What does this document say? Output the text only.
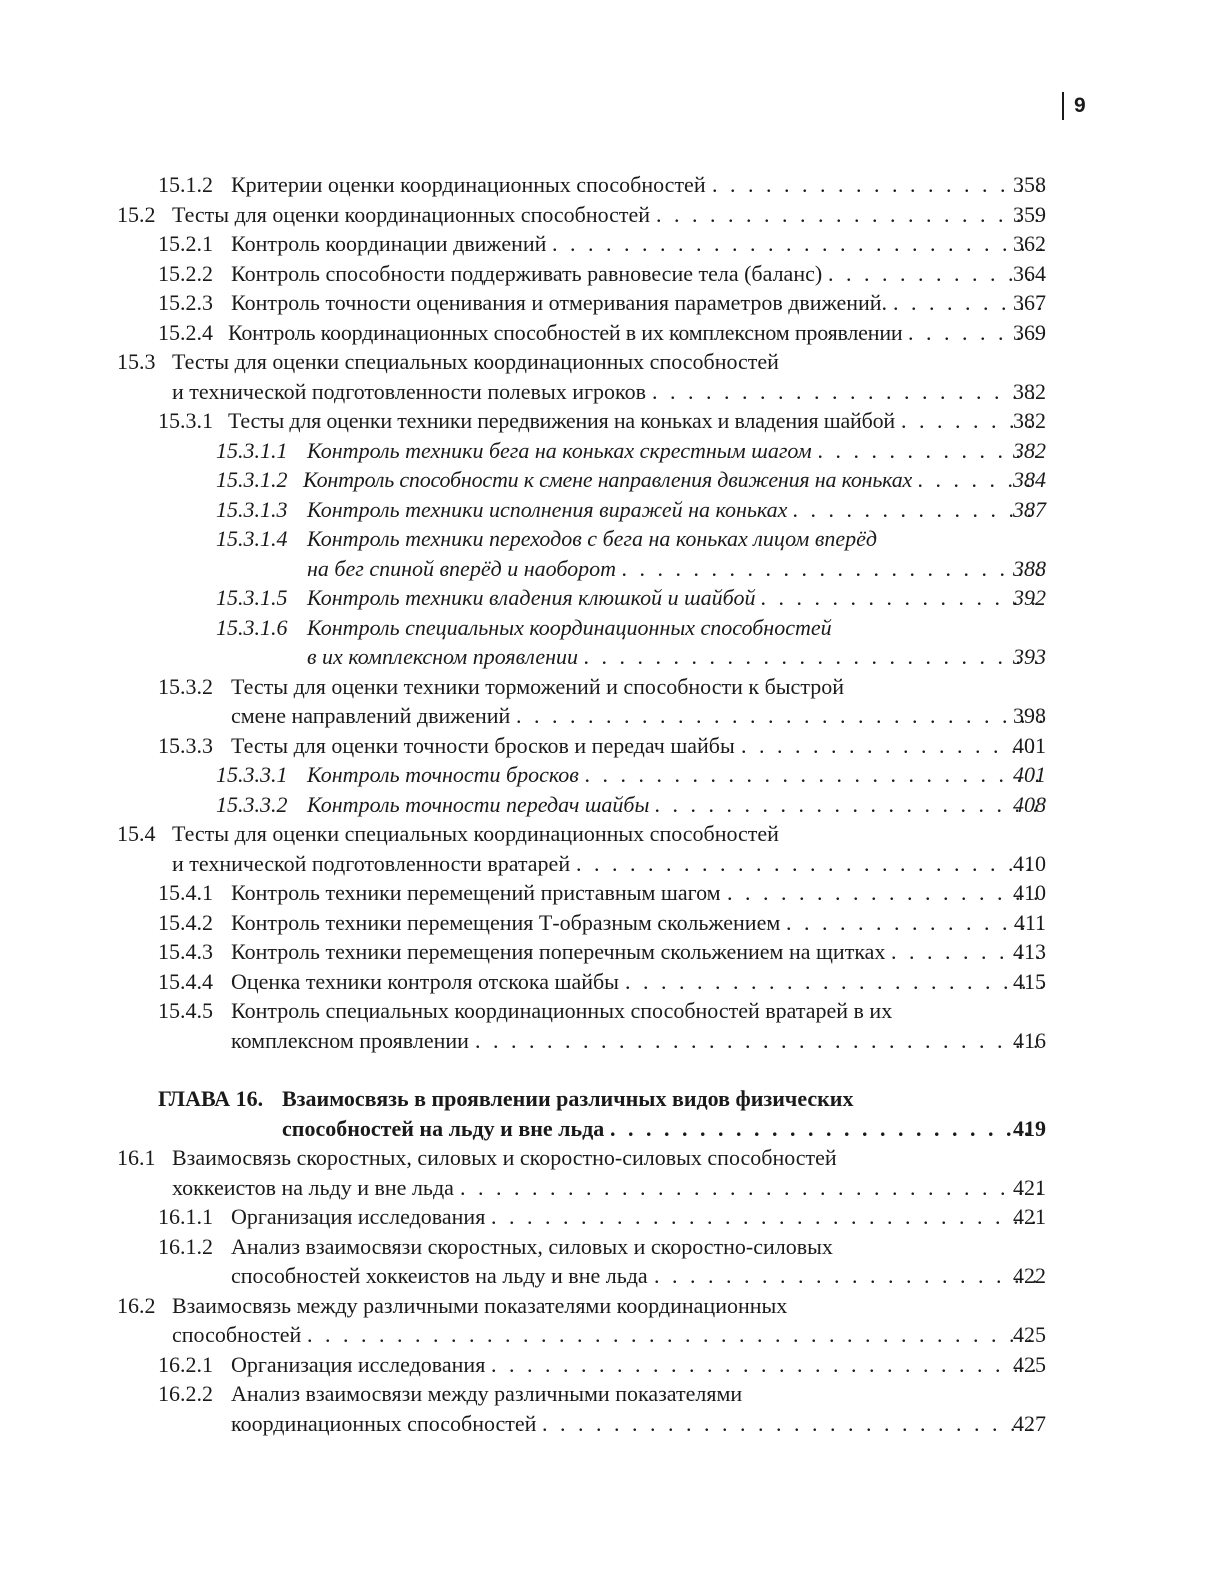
9
15.1.2 Критерии оценки координационных способностей . . .	358
15.2 Тесты для оценки координационных способностей . . .	359
15.2.1 Контроль координации движений . . .	362
15.2.2 Контроль способности поддерживать равновесие тела (баланс) . . .	364
15.2.3 Контроль точности оценивания и отмеривания параметров движений. . . .	367
15.2.4 Контроль координационных способностей в их комплексном проявлении . . .	369
15.3 Тесты для оценки специальных координационных способностей
и технической подготовленности полевых игроков . . .	382
15.3.1 Тесты для оценки техники передвижения на коньках и владения шайбой . . .	382
15.3.1.1 Контроль техники бега на коньках скрестным шагом . . .	382
15.3.1.2 Контроль способности к смене направления движения на коньках . . .	384
15.3.1.3 Контроль техники исполнения виражей на коньках . . .	387
15.3.1.4 Контроль техники переходов с бега на коньках лицом вперёд
на бег спиной вперёд и наоборот . . .	388
15.3.1.5 Контроль техники владения клюшкой и шайбой . . .	392
15.3.1.6 Контроль специальных координационных способностей
в их комплексном проявлении . . .	393
15.3.2 Тесты для оценки техники торможений и способности к быстрой
смене направлений движений . . .	398
15.3.3 Тесты для оценки точности бросков и передач шайбы . . .	401
15.3.3.1 Контроль точности бросков . . .	401
15.3.3.2 Контроль точности передач шайбы . . .	408
15.4 Тесты для оценки специальных координационных способностей
и технической подготовленности вратарей . . .	410
15.4.1 Контроль техники перемещений приставным шагом . . .	410
15.4.2 Контроль техники перемещения Т-образным скольжением . . .	411
15.4.3 Контроль техники перемещения поперечным скольжением на щитках . . .	413
15.4.4 Оценка техники контроля отскока шайбы . . .	415
15.4.5 Контроль специальных координационных способностей вратарей в их
комплексном проявлении . . .	416
ГЛАВА 16. Взаимосвязь в проявлении различных видов физических
способностей на льду и вне льда . . .	419
16.1 Взаимосвязь скоростных, силовых и скоростно-силовых способностей
хоккеистов на льду и вне льда . . .	421
16.1.1 Организация исследования . . .	421
16.1.2 Анализ взаимосвязи скоростных, силовых и скоростно-силовых
способностей хоккеистов на льду и вне льда . . .	422
16.2 Взаимосвязь между различными показателями координационных
способностей . . .	425
16.2.1 Организация исследования . . .	425
16.2.2 Анализ взаимосвязи между различными показателями
координационных способностей . . .	427
